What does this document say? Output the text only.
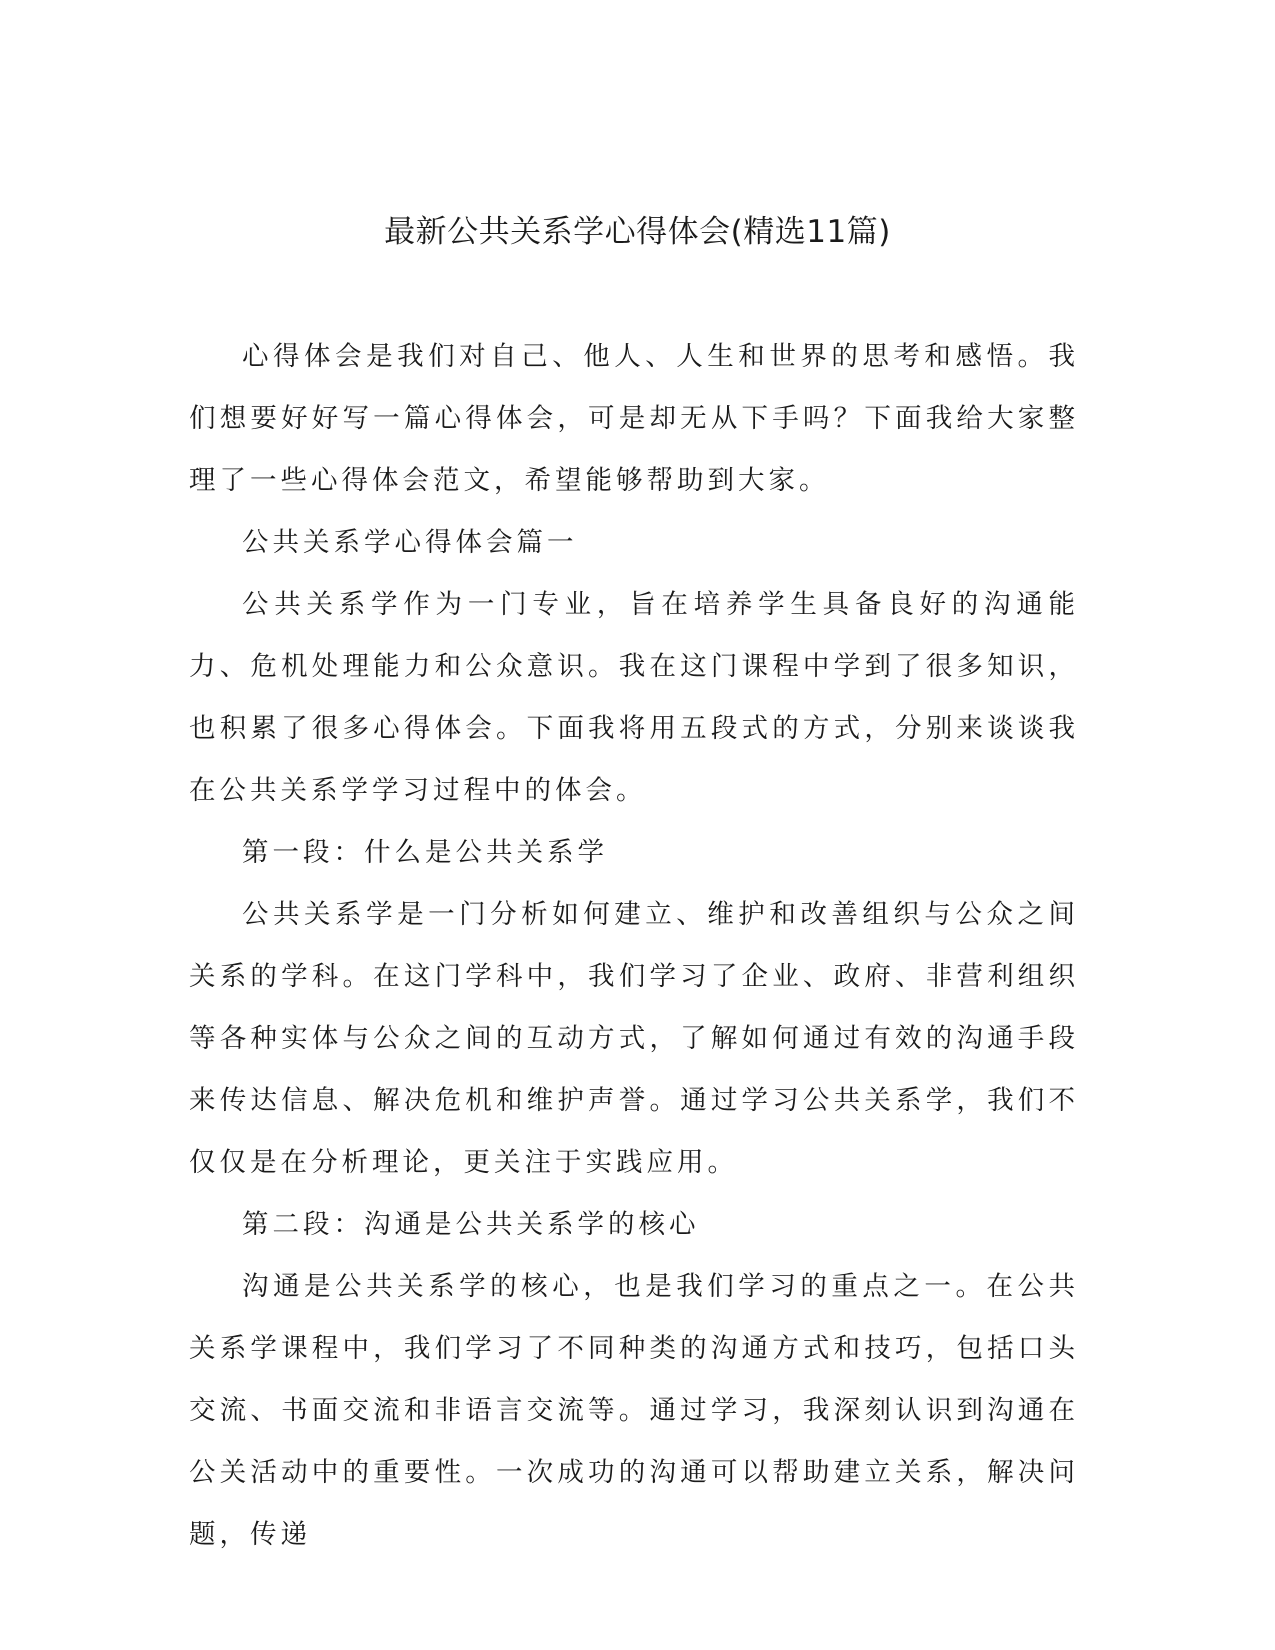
最新公共关系学心得体会(精选11篇)

心得体会是我们对自己、他人、人生和世界的思考和感悟。我们想要好好写一篇心得体会，可是却无从下手吗？下面我给大家整理了一些心得体会范文，希望能够帮助到大家。

公共关系学心得体会篇一

公共关系学作为一门专业，旨在培养学生具备良好的沟通能力、危机处理能力和公众意识。我在这门课程中学到了很多知识，也积累了很多心得体会。下面我将用五段式的方式，分别来谈谈我在公共关系学学习过程中的体会。

第一段：什么是公共关系学

公共关系学是一门分析如何建立、维护和改善组织与公众之间关系的学科。在这门学科中，我们学习了企业、政府、非营利组织等各种实体与公众之间的互动方式，了解如何通过有效的沟通手段来传达信息、解决危机和维护声誉。通过学习公共关系学，我们不仅仅是在分析理论，更关注于实践应用。

第二段：沟通是公共关系学的核心

沟通是公共关系学的核心，也是我们学习的重点之一。在公共关系学课程中，我们学习了不同种类的沟通方式和技巧，包括口头交流、书面交流和非语言交流等。通过学习，我深刻认识到沟通在公关活动中的重要性。一次成功的沟通可以帮助建立关系，解决问题，传递
